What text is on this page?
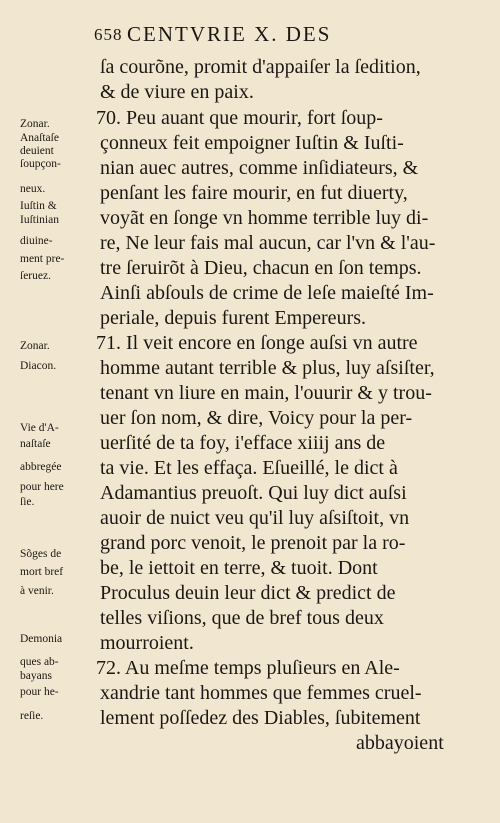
658 CENTVRIE X. DES
ſa courõne, promit d'appaiſer la ſedition,
& de viure en paix.
70. Peu auant que mourir, fort ſoup-
çonneux feit empoigner Iuſtin & Iuſti-
nian auec autres, comme inſidiateurs, &
penſant les faire mourir, en fut diuerty,
voyãt en ſonge vn homme terrible luy di-
re, Ne leur fais mal aucun, car l'vn & l'au-
tre ſeruirõt à Dieu, chacun en ſon temps.
Ainſi abſouls de crime de leſe maieſté Im-
periale, depuis furent Empereurs.
71. Il veit encore en ſonge auſsi vn autre
homme autant terrible & plus, luy aſsiſter,
tenant vn liure en main, l'ouurir & y trou-
uer ſon nom, & dire, Voicy pour la per-
uerſité de ta foy, i'efface xiiij ans de
ta vie. Et les effaça. Eſueillé, le dict à
Adamantius preuoſt. Qui luy dict auſsi
auoir de nuict veu qu'il luy aſsiſtoit, vn
grand porc venoit, le prenoit par la ro-
be, le iettoit en terre, & tuoit. Dont
Proculus deuin leur dict & predict de
telles viſions, que de bref tous deux
mourroient.
72. Au meſme temps pluſieurs en Ale-
xandrie tant hommes que femmes cruel-
lement poſſedez des Diables, ſubitement
abbayoient
Zonar.
Anaſtaſe
deuient
ſoupçon-
neux.
Iuſtin &
Iuſtinian
diuine-
ment pre-
ſeruez.
Zonar.
Diacon.
Vie d'A-
naſtaſe
abbregée
pour here
ſie.
Sõges de
mort bref
à venir.
Demonia
ques ab-
bayans
pour he-
reſie.
